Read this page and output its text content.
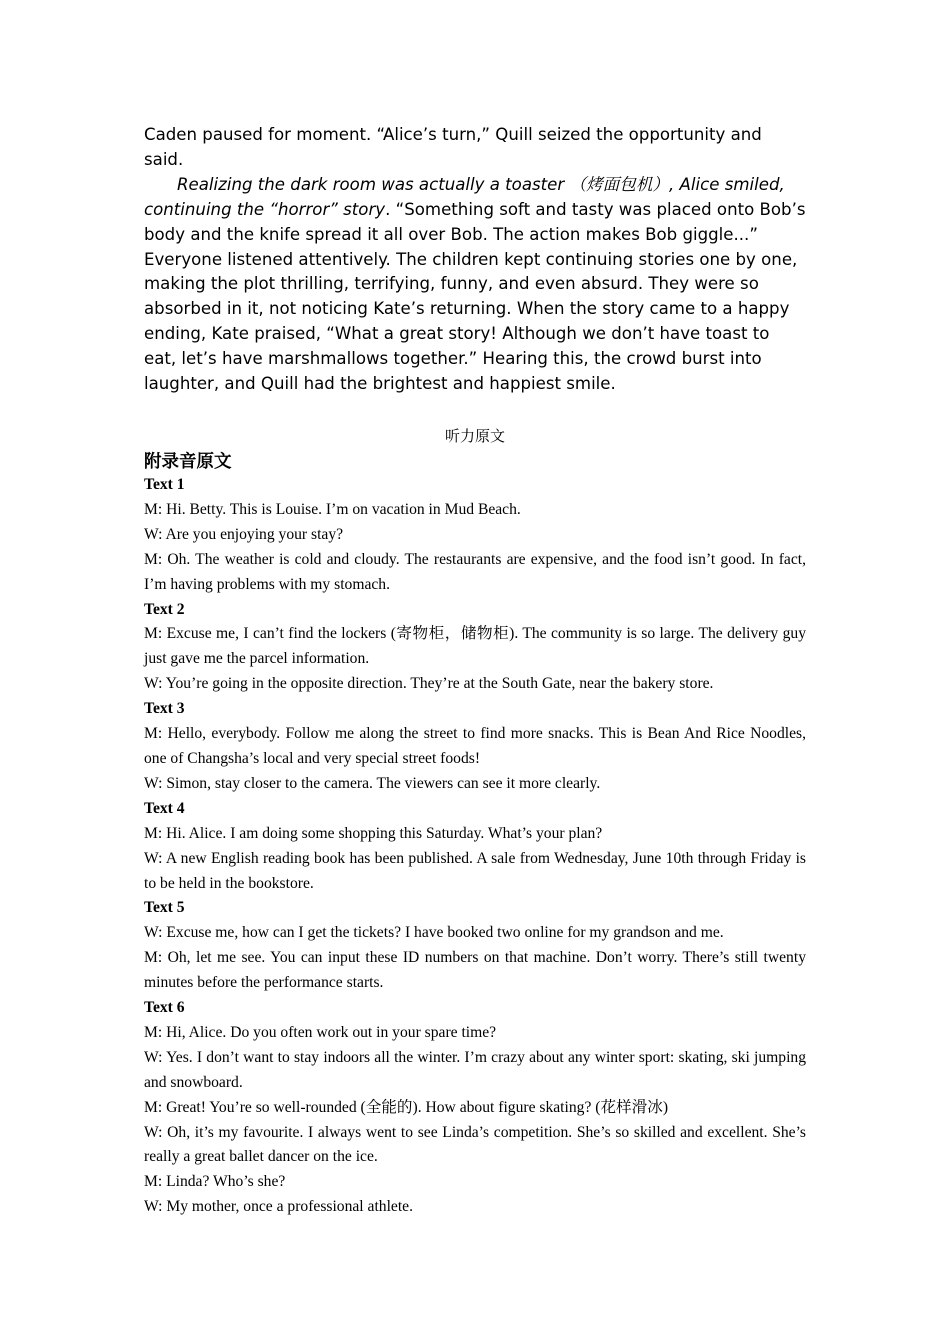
Caden paused for moment. “Alice’s turn,” Quill seized the opportunity and said.

Realizing the dark room was actually a toaster （烤面包机）, Alice smiled, continuing the “horror” story. “Something soft and tasty was placed onto Bob’s body and the knife spread it all over Bob. The action makes Bob giggle...” Everyone listened attentively. The children kept continuing stories one by one, making the plot thrilling, terrifying, funny, and even absurd. They were so absorbed in it, not noticing Kate’s returning. When the story came to a happy ending, Kate praised, “What a great story! Although we don’t have toast to eat, let’s have marshmallows together.” Hearing this, the crowd burst into laughter, and Quill had the brightest and happiest smile.

听力原文
附录音原文
Text 1
M: Hi. Betty. This is Louise. I’m on vacation in Mud Beach.
W: Are you enjoying your stay?
M: Oh. The weather is cold and cloudy. The restaurants are expensive, and the food isn’t good. In fact, I’m having problems with my stomach.
Text 2
M: Excuse me, I can’t find the lockers (寄物柜，储物柜). The community is so large. The delivery guy just gave me the parcel information.
W: You’re going in the opposite direction. They’re at the South Gate, near the bakery store.
Text 3
M: Hello, everybody. Follow me along the street to find more snacks. This is Bean And Rice Noodles, one of Changsha’s local and very special street foods!
W: Simon, stay closer to the camera. The viewers can see it more clearly.
Text 4
M: Hi. Alice. I am doing some shopping this Saturday. What’s your plan?
W: A new English reading book has been published. A sale from Wednesday, June 10th through Friday is to be held in the bookstore.
Text 5
W: Excuse me, how can I get the tickets? I have booked two online for my grandson and me.
M: Oh, let me see. You can input these ID numbers on that machine. Don’t worry. There’s still twenty minutes before the performance starts.
Text 6
M: Hi, Alice. Do you often work out in your spare time?
W: Yes. I don’t want to stay indoors all the winter. I’m crazy about any winter sport: skating, ski jumping and snowboard.
M: Great! You’re so well-rounded (全能的). How about figure skating? (花样滑冰)
W: Oh, it’s my favourite. I always went to see Linda’s competition. She’s so skilled and excellent. She’s really a great ballet dancer on the ice.
M: Linda? Who’s she?
W: My mother, once a professional athlete.
